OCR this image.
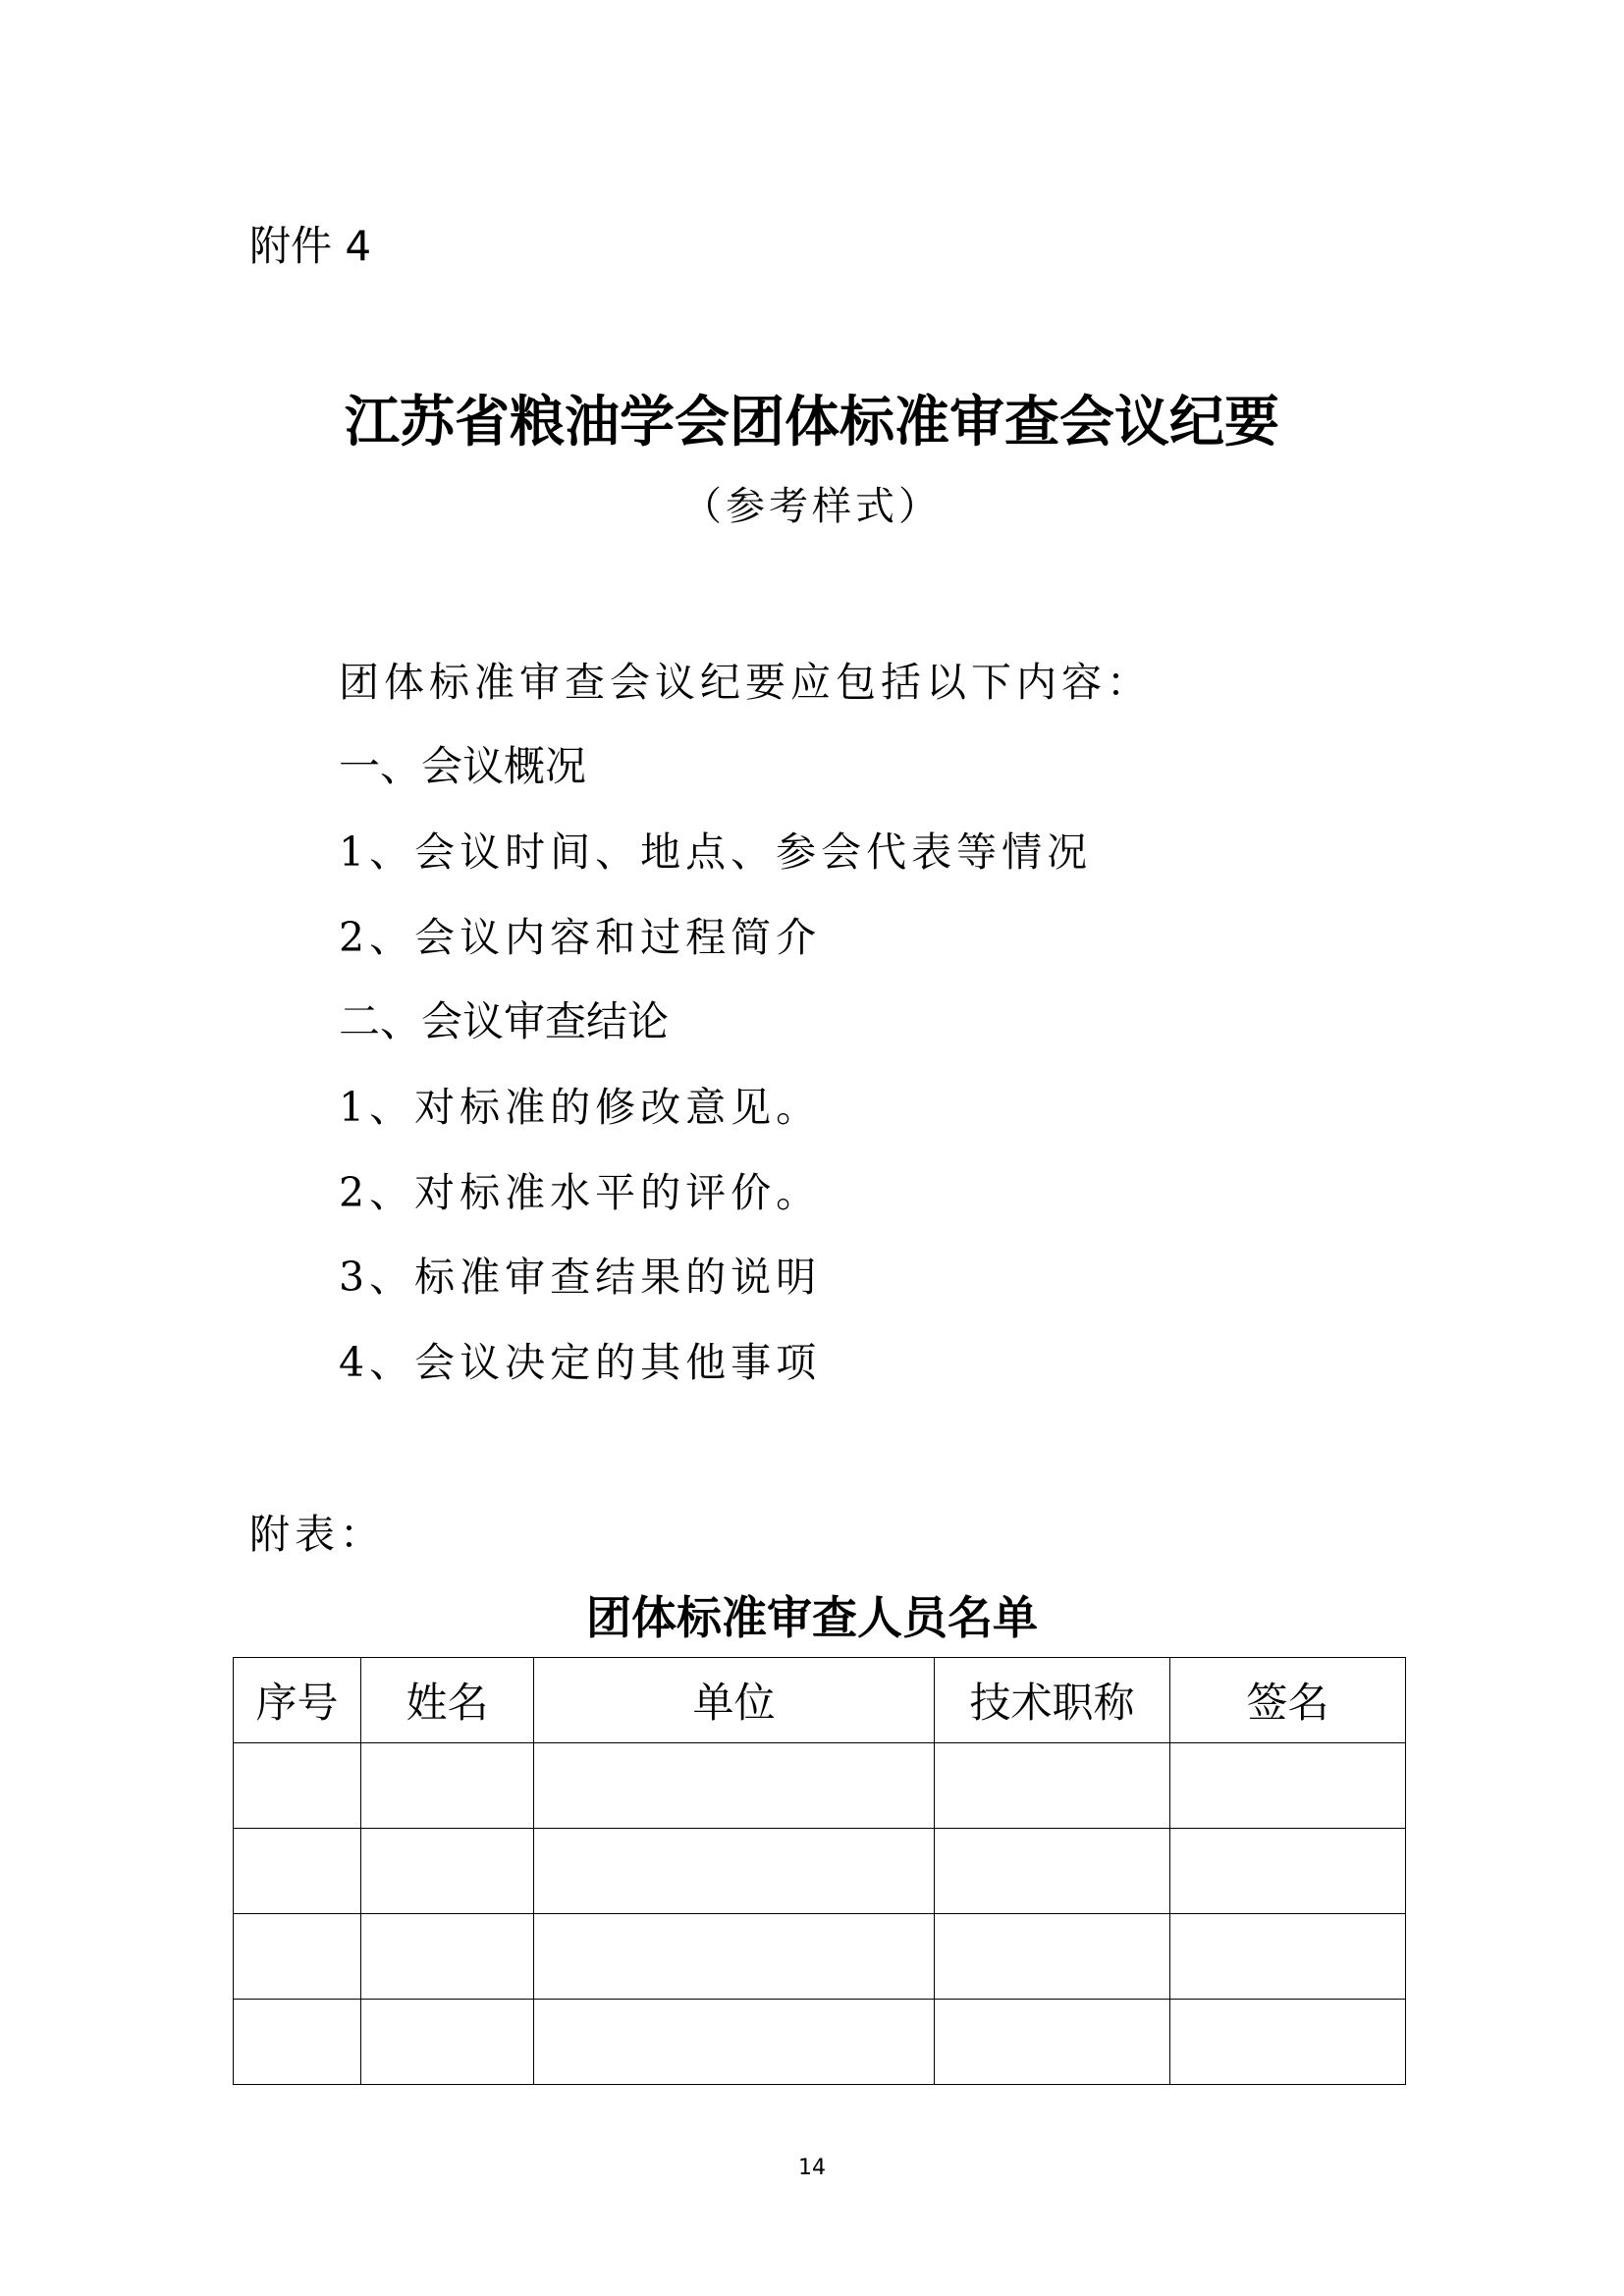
附件 4
江苏省粮油学会团体标准审查会议纪要
（参考样式）
团体标准审查会议纪要应包括以下内容：
一、会议概况
1、会议时间、地点、参会代表等情况
2、会议内容和过程简介
二、会议审查结论
1、对标准的修改意见。
2、对标准水平的评价。
3、标准审查结果的说明
4、会议决定的其他事项
附表：
团体标准审查人员名单
序号	姓名	单位	技术职称	签名

14
